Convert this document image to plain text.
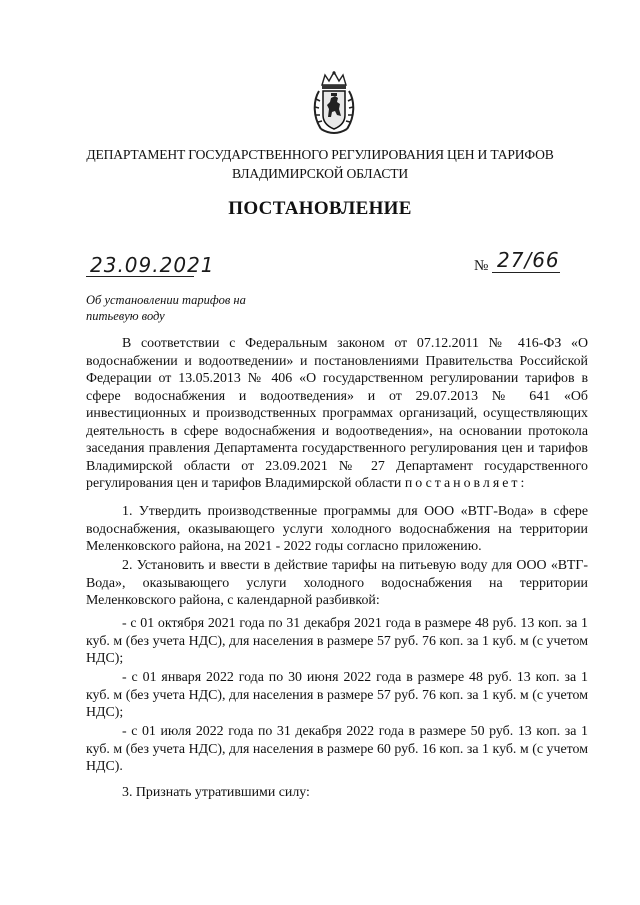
ДЕПАРТАМЕНТ ГОСУДАРСТВЕННОГО РЕГУЛИРОВАНИЯ ЦЕН И ТАРИФОВ
ВЛАДИМИРСКОЙ ОБЛАСТИ
ПОСТАНОВЛЕНИЕ
23.09.2021	№ 27/66
Об установлении тарифов на питьевую воду
В соответствии с Федеральным законом от 07.12.2011 № 416-ФЗ «О водоснабжении и водоотведении» и постановлениями Правительства Российской Федерации от 13.05.2013 № 406 «О государственном регулировании тарифов в сфере водоснабжения и водоотведения» и от 29.07.2013 № 641 «Об инвестиционных и производственных программах организаций, осуществляющих деятельность в сфере водоснабжения и водоотведения», на основании протокола заседания правления Департамента государственного регулирования цен и тарифов Владимирской области от 23.09.2021 № 27 Департамент государственного регулирования цен и тарифов Владимирской области постановляет:
1. Утвердить производственные программы для ООО «ВТГ-Вода» в сфере водоснабжения, оказывающего услуги холодного водоснабжения на территории Меленковского района, на 2021 - 2022 годы согласно приложению.
2. Установить и ввести в действие тарифы на питьевую воду для ООО «ВТГ-Вода», оказывающего услуги холодного водоснабжения на территории Меленковского района, с календарной разбивкой:
- с 01 октября 2021 года по 31 декабря 2021 года в размере 48 руб. 13 коп. за 1 куб. м (без учета НДС), для населения в размере 57 руб. 76 коп. за 1 куб. м (с учетом НДС);
- с 01 января 2022 года по 30 июня 2022 года в размере 48 руб. 13 коп. за 1 куб. м (без учета НДС), для населения в размере 57 руб. 76 коп. за 1 куб. м (с учетом НДС);
- с 01 июля 2022 года по 31 декабря 2022 года в размере 50 руб. 13 коп. за 1 куб. м (без учета НДС), для населения в размере 60 руб. 16 коп. за 1 куб. м (с учетом НДС).
3. Признать утратившими силу:
